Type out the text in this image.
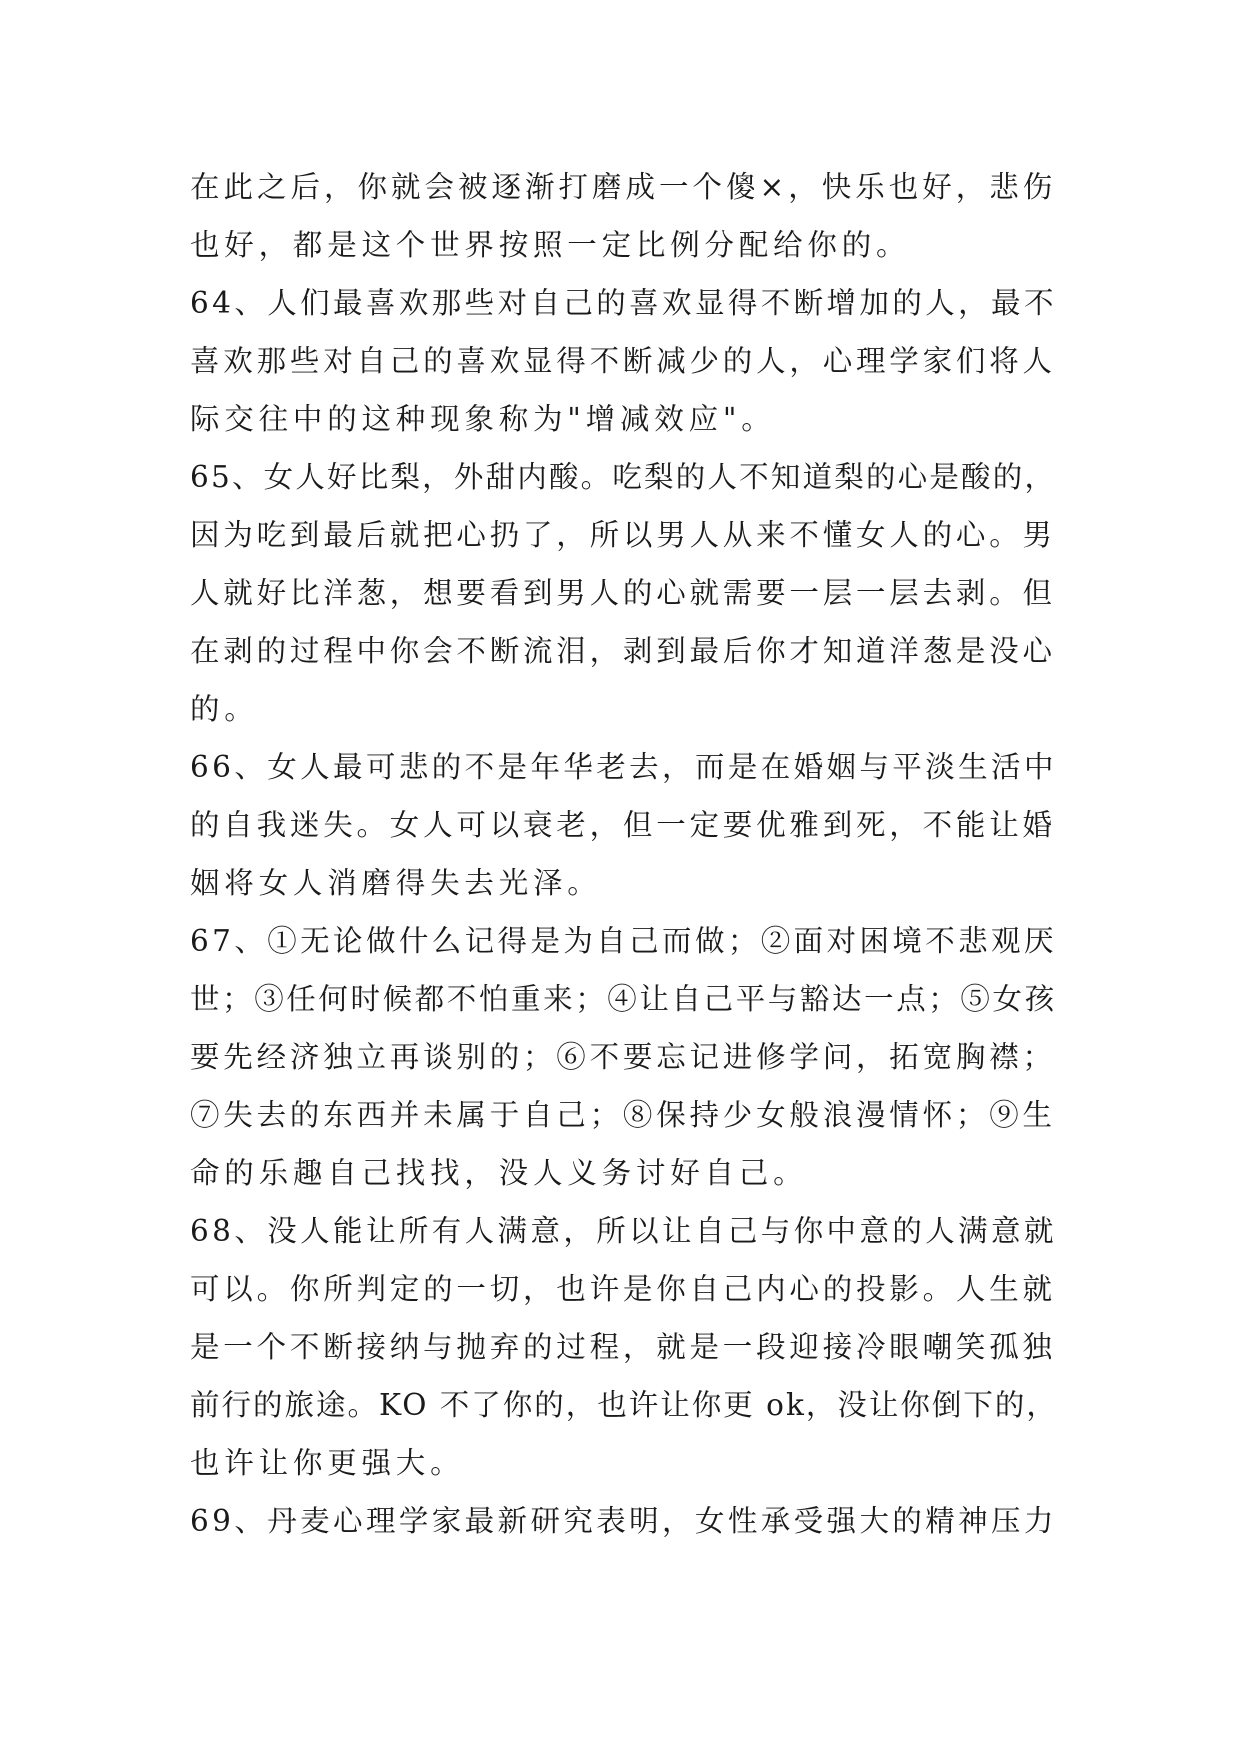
在此之后，你就会被逐渐打磨成一个傻×，快乐也好，悲伤
也好，都是这个世界按照一定比例分配给你的。
64、人们最喜欢那些对自己的喜欢显得不断增加的人，最不
喜欢那些对自己的喜欢显得不断减少的人，心理学家们将人
际交往中的这种现象称为"增减效应"。
65、女人好比梨，外甜内酸。吃梨的人不知道梨的心是酸的，
因为吃到最后就把心扔了，所以男人从来不懂女人的心。男
人就好比洋葱，想要看到男人的心就需要一层一层去剥。但
在剥的过程中你会不断流泪，剥到最后你才知道洋葱是没心
的。
66、女人最可悲的不是年华老去，而是在婚姻与平淡生活中
的自我迷失。女人可以衰老，但一定要优雅到死，不能让婚
姻将女人消磨得失去光泽。
67、①无论做什么记得是为自己而做；②面对困境不悲观厌
世；③任何时候都不怕重来；④让自己平与豁达一点；⑤女孩
要先经济独立再谈别的；⑥不要忘记进修学问，拓宽胸襟；
⑦失去的东西并未属于自己；⑧保持少女般浪漫情怀；⑨生
命的乐趣自己找找，没人义务讨好自己。
68、没人能让所有人满意，所以让自己与你中意的人满意就
可以。你所判定的一切，也许是你自己内心的投影。人生就
是一个不断接纳与抛弃的过程，就是一段迎接冷眼嘲笑孤独
前行的旅途。KO 不了你的，也许让你更 ok，没让你倒下的，
也许让你更强大。
69、丹麦心理学家最新研究表明，女性承受强大的精神压力
